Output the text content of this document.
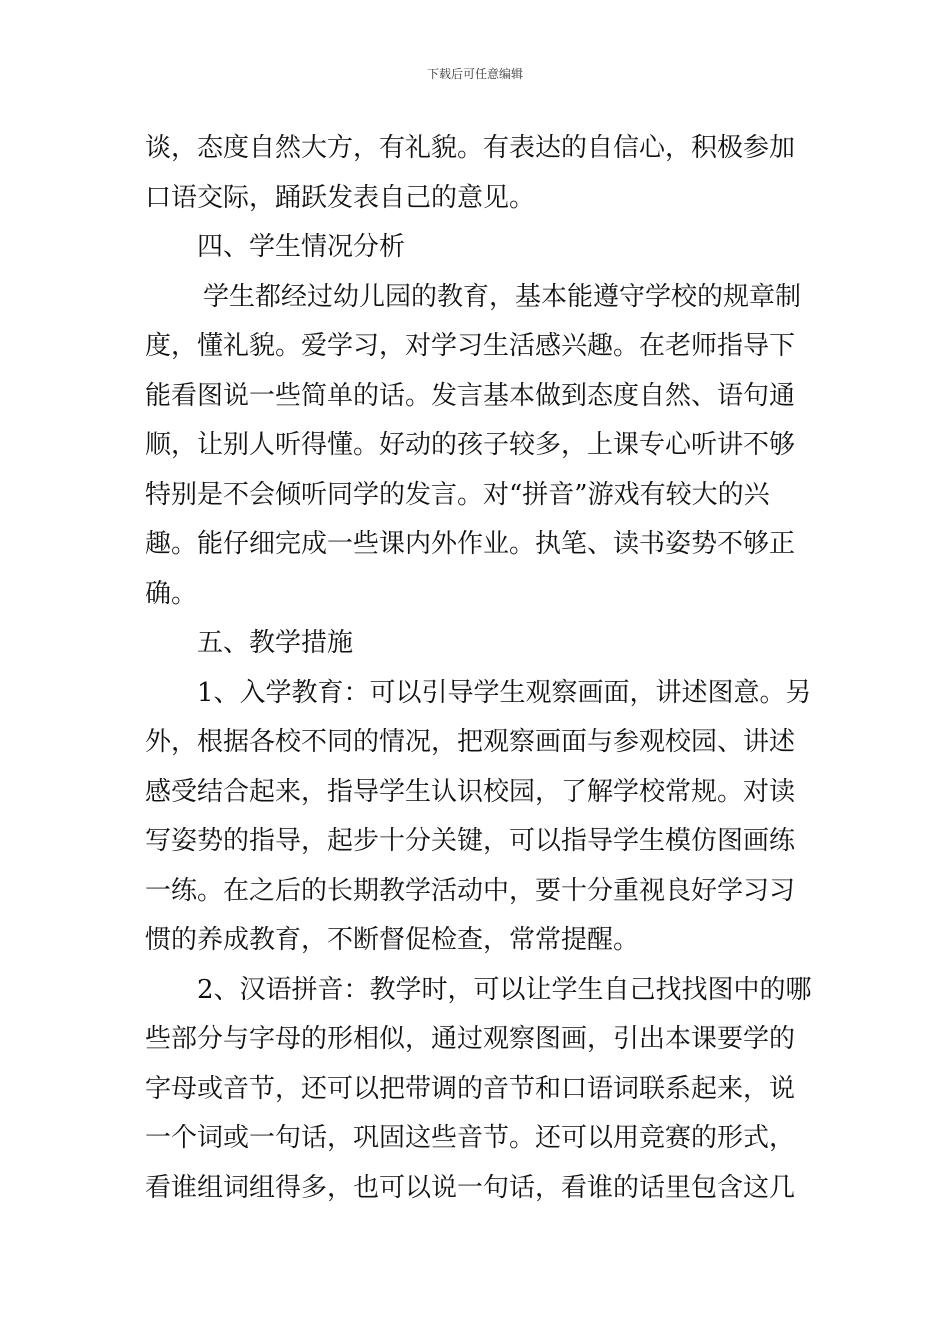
下载后可任意编辑
谈，态度自然大方，有礼貌。有表达的自信心，积极参加
口语交际，踊跃发表自己的意见。
四、学生情况分析
学生都经过幼儿园的教育，基本能遵守学校的规章制
度，懂礼貌。爱学习，对学习生活感兴趣。在老师指导下
能看图说一些简单的话。发言基本做到态度自然、语句通
顺，让别人听得懂。好动的孩子较多，上课专心听讲不够
特别是不会倾听同学的发言。对“拼音”游戏有较大的兴
趣。能仔细完成一些课内外作业。执笔、读书姿势不够正
确。
五、教学措施
1、入学教育：可以引导学生观察画面，讲述图意。另
外，根据各校不同的情况，把观察画面与参观校园、讲述
感受结合起来，指导学生认识校园，了解学校常规。对读
写姿势的指导，起步十分关键，可以指导学生模仿图画练
一练。在之后的长期教学活动中，要十分重视良好学习习
惯的养成教育，不断督促检查，常常提醒。
2、汉语拼音：教学时，可以让学生自己找找图中的哪
些部分与字母的形相似，通过观察图画，引出本课要学的
字母或音节，还可以把带调的音节和口语词联系起来，说
一个词或一句话，巩固这些音节。还可以用竞赛的形式，
看谁组词组得多，也可以说一句话，看谁的话里包含这几
